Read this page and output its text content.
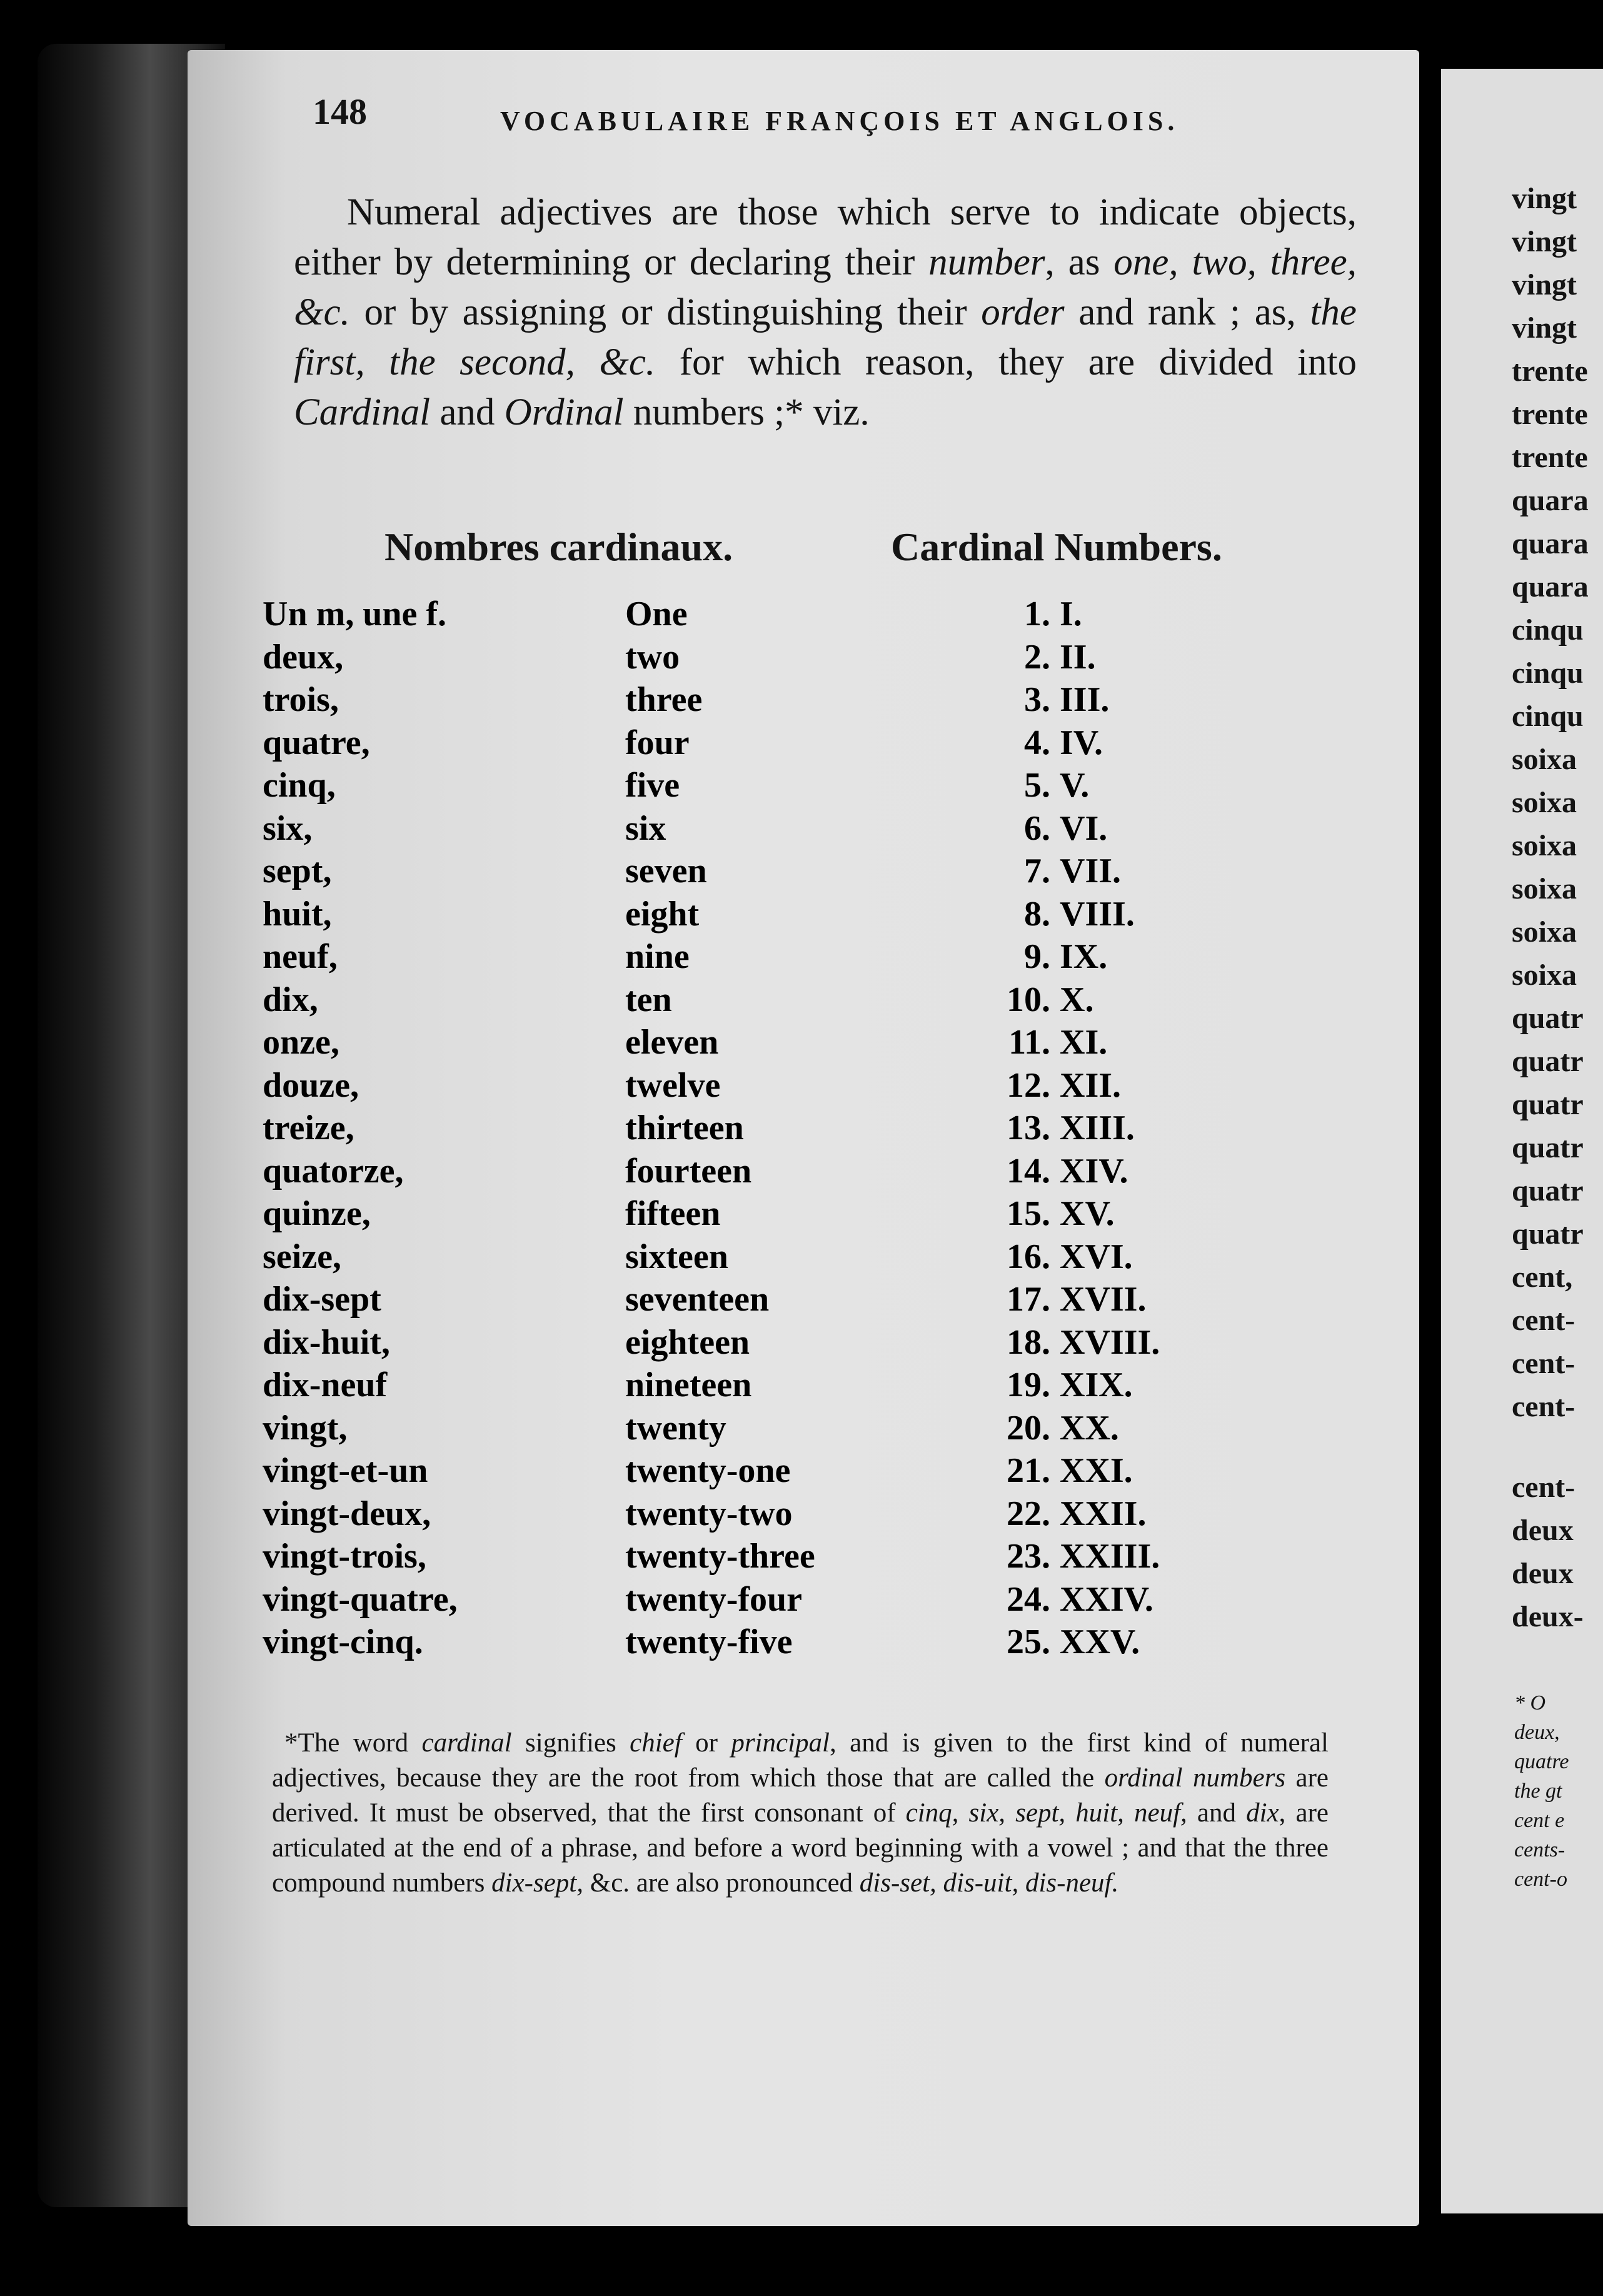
148	VOCABULAIRE FRANÇOIS ET ANGLOIS.

Numeral adjectives are those which serve to indicate objects, either by determining or declaring their number, as one, two, three, &c. or by assigning or distinguishing their order and rank ; as, the first, the second, &c. for which reason, they are divided into Cardinal and Ordinal numbers ;* viz.

Nombres cardinaux.	Cardinal Numbers.
Un m, une f.	One	1. I.
deux,	two	2. II.
trois,	three	3. III.
quatre,	four	4. IV.
cinq,	five	5. V.
six,	six	6. VI.
sept,	seven	7. VII.
huit,	eight	8. VIII.
neuf,	nine	9. IX.
dix,	ten	10. X.
onze,	eleven	11. XI.
douze,	twelve	12. XII.
treize,	thirteen	13. XIII.
quatorze,	fourteen	14. XIV.
quinze,	fifteen	15. XV.
seize,	sixteen	16. XVI.
dix-sept	seventeen	17. XVII.
dix-huit,	eighteen	18. XVIII.
dix-neuf	nineteen	19. XIX.
vingt,	twenty	20. XX.
vingt-et-un	twenty-one	21. XXI.
vingt-deux,	twenty-two	22. XXII.
vingt-trois,	twenty-three	23. XXIII.
vingt-quatre,	twenty-four	24. XXIV.
vingt-cinq.	twenty-five	25. XXV.

*The word cardinal signifies chief or principal, and is given to the first kind of numeral adjectives, because they are the root from which those that are called the ordinal numbers are derived. It must be observed, that the first consonant of cinq, six, sept, huit, neuf, and dix, are articulated at the end of a phrase, and before a word beginning with a vowel ; and that the three compound numbers dix-sept, &c. are also pronounced dis-set, dis-uit, dis-neuf.

vingt
vingt
vingt
vingt
trente
trente
trente
quara
quara
quara
cinqu
cinqu
cinqu
soixa
soixa
soixa
soixa
soixa
soixa
quatr
quatr
quatr
quatr
quatr
quatr
cent,
cent-
cent-
cent-
cent-
deux
deux
deux-
* O
deux,
quatre
the gt
cent e
cents-
cent-o
